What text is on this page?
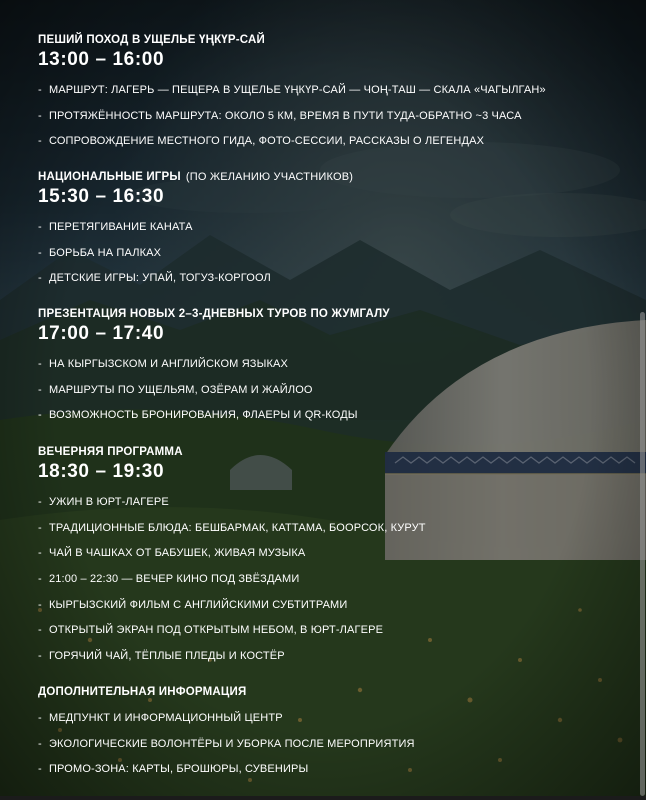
ПЕШИЙ ПОХОД В УЩЕЛЬЕ ҮҢКҮР-САЙ
13:00 – 16:00
- МАРШРУТ: ЛАГЕРЬ — ПЕЩЕРА В УЩЕЛЬЕ ҮҢКҮР-САЙ — ЧОҢ-ТАШ — СКАЛА «ЧАГЫЛГАН»
- ПРОТЯЖЁННОСТЬ МАРШРУТА: ОКОЛО 5 КМ, ВРЕМЯ В ПУТИ ТУДА-ОБРАТНО ~3 ЧАСА
- СОПРОВОЖДЕНИЕ МЕСТНОГО ГИДА, ФОТО-СЕССИИ, РАССКАЗЫ О ЛЕГЕНДАХ
НАЦИОНАЛЬНЫЕ ИГРЫ (ПО ЖЕЛАНИЮ УЧАСТНИКОВ)
15:30 – 16:30
- ПЕРЕТЯГИВАНИЕ КАНАТА
- БОРЬБА НА ПАЛКАХ
- ДЕТСКИЕ ИГРЫ: УПАЙ, ТОГУЗ-КОРГООЛ
ПРЕЗЕНТАЦИЯ НОВЫХ 2–3-ДНЕВНЫХ ТУРОВ ПО ЖУМГАЛУ
17:00 – 17:40
- НА КЫРГЫЗСКОМ И АНГЛИЙСКОМ ЯЗЫКАХ
- МАРШРУТЫ ПО УЩЕЛЬЯМ, ОЗЁРАМ И ЖАЙЛОО
- ВОЗМОЖНОСТЬ БРОНИРОВАНИЯ, ФЛАЕРЫ И QR-КОДЫ
ВЕЧЕРНЯЯ ПРОГРАММА
18:30 – 19:30
- УЖИН В ЮРТ-ЛАГЕРЕ
- ТРАДИЦИОННЫЕ БЛЮДА: БЕШБАРМАК, КАТТАМА, БООРСОК, КУРУТ
- ЧАЙ В ЧАШКАХ ОТ БАБУШЕК, ЖИВАЯ МУЗЫКА
- 21:00 – 22:30 — ВЕЧЕР КИНО ПОД ЗВЁЗДАМИ
- КЫРГЫЗСКИЙ ФИЛЬМ С АНГЛИЙСКИМИ СУБТИТРАМИ
- ОТКРЫТЫЙ ЭКРАН ПОД ОТКРЫТЫМ НЕБОМ, В ЮРТ-ЛАГЕРЕ
- ГОРЯЧИЙ ЧАЙ, ТЁПЛЫЕ ПЛЕДЫ И КОСТЁР
ДОПОЛНИТЕЛЬНАЯ ИНФОРМАЦИЯ
- МЕДПУНКТ И ИНФОРМАЦИОННЫЙ ЦЕНТР
- ЭКОЛОГИЧЕСКИЕ ВОЛОНТЁРЫ И УБОРКА ПОСЛЕ МЕРОПРИЯТИЯ
- ПРОМО-ЗОНА: КАРТЫ, БРОШЮРЫ, СУВЕНИРЫ
